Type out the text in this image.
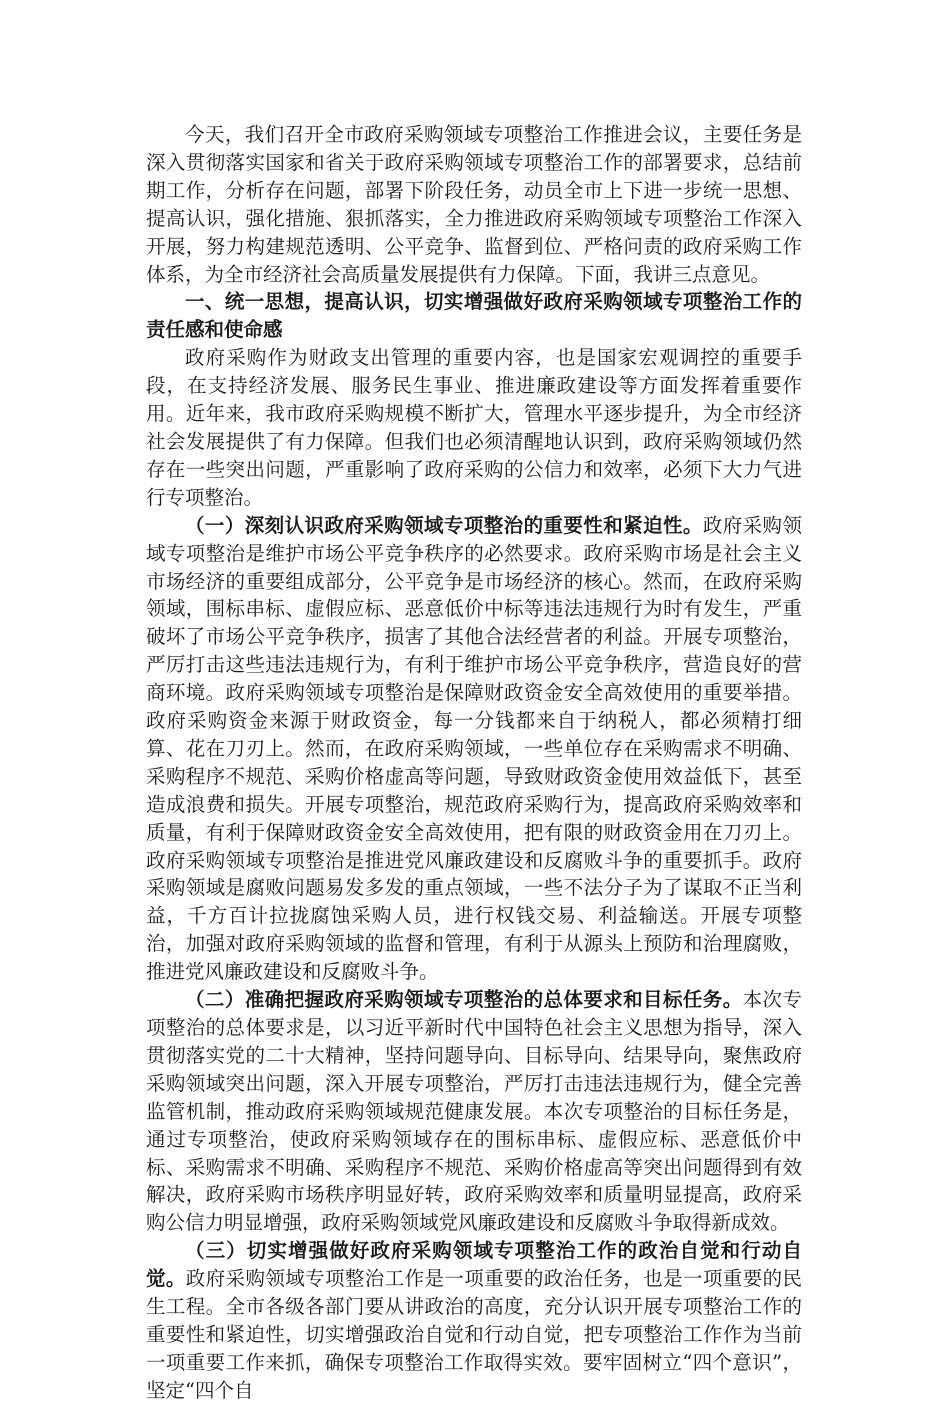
今天，我们召开全市政府采购领域专项整治工作推进会议，主要任务是深入贯彻落实国家和省关于政府采购领域专项整治工作的部署要求，总结前期工作，分析存在问题，部署下阶段任务，动员全市上下进一步统一思想、提高认识，强化措施、狠抓落实，全力推进政府采购领域专项整治工作深入开展，努力构建规范透明、公平竞争、监督到位、严格问责的政府采购工作体系，为全市经济社会高质量发展提供有力保障。下面，我讲三点意见。

一、统一思想，提高认识，切实增强做好政府采购领域专项整治工作的责任感和使命感

政府采购作为财政支出管理的重要内容，也是国家宏观调控的重要手段，在支持经济发展、服务民生事业、推进廉政建设等方面发挥着重要作用。近年来，我市政府采购规模不断扩大，管理水平逐步提升，为全市经济社会发展提供了有力保障。但我们也必须清醒地认识到，政府采购领域仍然存在一些突出问题，严重影响了政府采购的公信力和效率，必须下大力气进行专项整治。

（一）深刻认识政府采购领域专项整治的重要性和紧迫性。政府采购领域专项整治是维护市场公平竞争秩序的必然要求。政府采购市场是社会主义市场经济的重要组成部分，公平竞争是市场经济的核心。然而，在政府采购领域，围标串标、虚假应标、恶意低价中标等违法违规行为时有发生，严重破坏了市场公平竞争秩序，损害了其他合法经营者的利益。开展专项整治，严厉打击这些违法违规行为，有利于维护市场公平竞争秩序，营造良好的营商环境。政府采购领域专项整治是保障财政资金安全高效使用的重要举措。政府采购资金来源于财政资金，每一分钱都来自于纳税人，都必须精打细算、花在刀刃上。然而，在政府采购领域，一些单位存在采购需求不明确、采购程序不规范、采购价格虚高等问题，导致财政资金使用效益低下，甚至造成浪费和损失。开展专项整治，规范政府采购行为，提高政府采购效率和质量，有利于保障财政资金安全高效使用，把有限的财政资金用在刀刃上。政府采购领域专项整治是推进党风廉政建设和反腐败斗争的重要抓手。政府采购领域是腐败问题易发多发的重点领域，一些不法分子为了谋取不正当利益，千方百计拉拢腐蚀采购人员，进行权钱交易、利益输送。开展专项整治，加强对政府采购领域的监督和管理，有利于从源头上预防和治理腐败，推进党风廉政建设和反腐败斗争。

（二）准确把握政府采购领域专项整治的总体要求和目标任务。本次专项整治的总体要求是，以习近平新时代中国特色社会主义思想为指导，深入贯彻落实党的二十大精神，坚持问题导向、目标导向、结果导向，聚焦政府采购领域突出问题，深入开展专项整治，严厉打击违法违规行为，健全完善监管机制，推动政府采购领域规范健康发展。本次专项整治的目标任务是，通过专项整治，使政府采购领域存在的围标串标、虚假应标、恶意低价中标、采购需求不明确、采购程序不规范、采购价格虚高等突出问题得到有效解决，政府采购市场秩序明显好转，政府采购效率和质量明显提高，政府采购公信力明显增强，政府采购领域党风廉政建设和反腐败斗争取得新成效。

（三）切实增强做好政府采购领域专项整治工作的政治自觉和行动自觉。政府采购领域专项整治工作是一项重要的政治任务，也是一项重要的民生工程。全市各级各部门要从讲政治的高度，充分认识开展专项整治工作的重要性和紧迫性，切实增强政治自觉和行动自觉，把专项整治工作作为当前一项重要工作来抓，确保专项整治工作取得实效。要牢固树立“四个意识”，坚定“四个自
